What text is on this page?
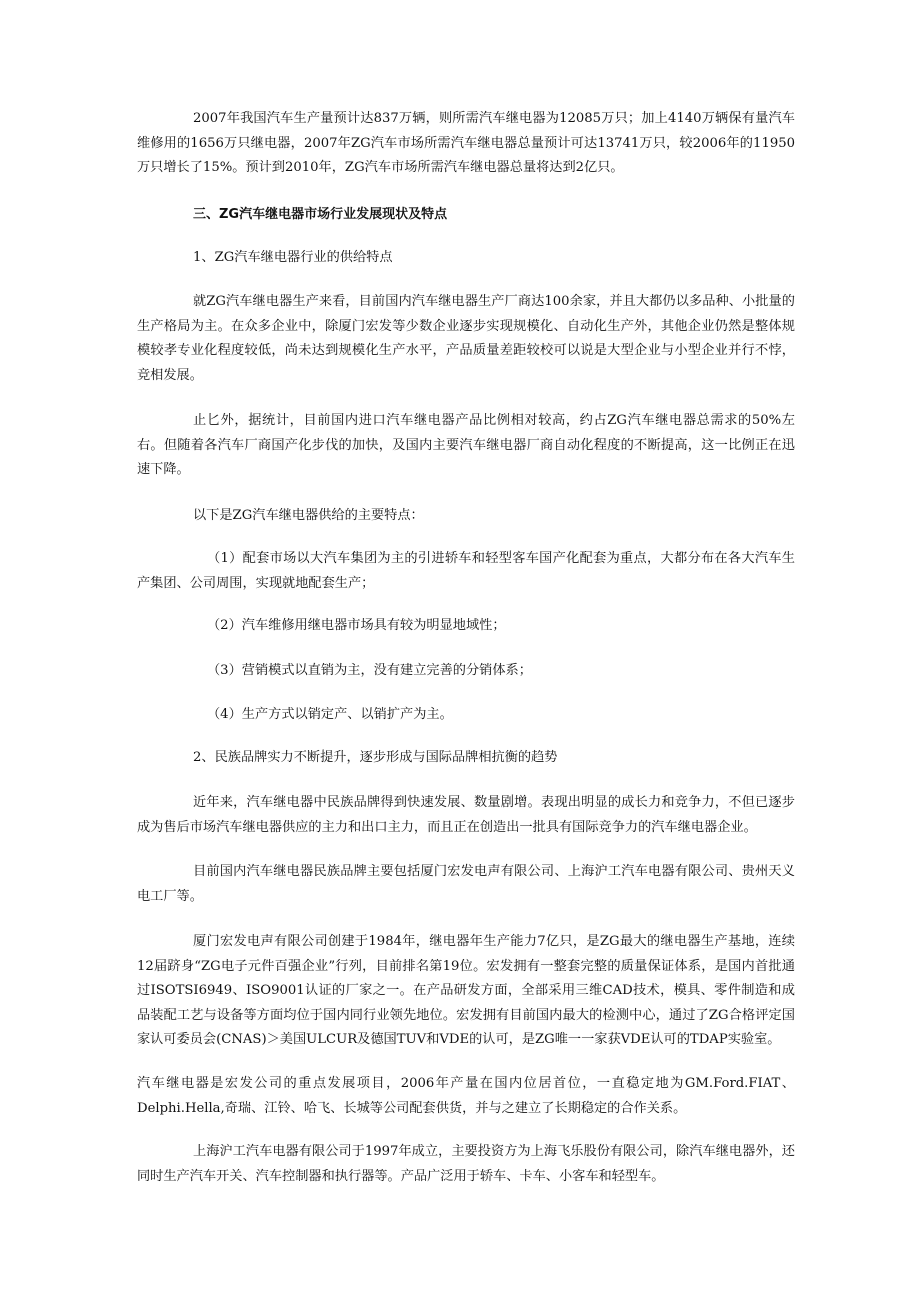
2007年我国汽车生产量预计达837万辆，则所需汽车继电器为12085万只；加上4140万辆保有量汽车维修用的1656万只继电器，2007年ZG汽车市场所需汽车继电器总量预计可达13741万只，较2006年的11950万只增长了15%。预计到2010年，ZG汽车市场所需汽车继电器总量将达到2亿只。

三、ZG汽车继电器市场行业发展现状及特点

1、ZG汽车继电器行业的供给特点

就ZG汽车继电器生产来看，目前国内汽车继电器生产厂商达100余家，并且大都仍以多品种、小批量的生产格局为主。在众多企业中，除厦门宏发等少数企业逐步实现规模化、自动化生产外，其他企业仍然是整体规模较孝专业化程度较低，尚未达到规模化生产水平，产品质量差距较校可以说是大型企业与小型企业并行不悖，竞相发展。

止匕外，据统计，目前国内进口汽车继电器产品比例相对较高，约占ZG汽车继电器总需求的50%左右。但随着各汽车厂商国产化步伐的加快，及国内主要汽车继电器厂商自动化程度的不断提高，这一比例正在迅速下降。

以下是ZG汽车继电器供给的主要特点：

（1）配套市场以大汽车集团为主的引进轿车和轻型客车国产化配套为重点，大都分布在各大汽车生产集团、公司周围，实现就地配套生产；

（2）汽车维修用继电器市场具有较为明显地域性；

（3）营销模式以直销为主，没有建立完善的分销体系；

（4）生产方式以销定产、以销扩产为主。

2、民族品牌实力不断提升，逐步形成与国际品牌相抗衡的趋势

近年来，汽车继电器中民族品牌得到快速发展、数量剧增。表现出明显的成长力和竞争力，不但已逐步成为售后市场汽车继电器供应的主力和出口主力，而且正在创造出一批具有国际竞争力的汽车继电器企业。

目前国内汽车继电器民族品牌主要包括厦门宏发电声有限公司、上海沪工汽车电器有限公司、贵州天义电工厂等。

厦门宏发电声有限公司创建于1984年，继电器年生产能力7亿只，是ZG最大的继电器生产基地，连续12届跻身“ZG电子元件百强企业”行列，目前排名第19位。宏发拥有一整套完整的质量保证体系，是国内首批通过ISOTSI6949、ISO9001认证的厂家之一。在产品研发方面，全部采用三维CAD技术，模具、零件制造和成品装配工艺与设备等方面均位于国内同行业领先地位。宏发拥有目前国内最大的检测中心，通过了ZG合格评定国家认可委员会(CNAS)＞美国ULCUR及德国TUV和VDE的认可，是ZG唯一一家获VDE认可的TDAP实验室。

汽车继电器是宏发公司的重点发展项目，2006年产量在国内位居首位，一直稳定地为GM.Ford.FIAT、Delphi.Hella,奇瑞、江铃、哈飞、长城等公司配套供货，并与之建立了长期稳定的合作关系。

上海沪工汽车电器有限公司于1997年成立，主要投资方为上海飞乐股份有限公司，除汽车继电器外，还同时生产汽车开关、汽车控制器和执行器等。产品广泛用于轿车、卡车、小客车和轻型车。
